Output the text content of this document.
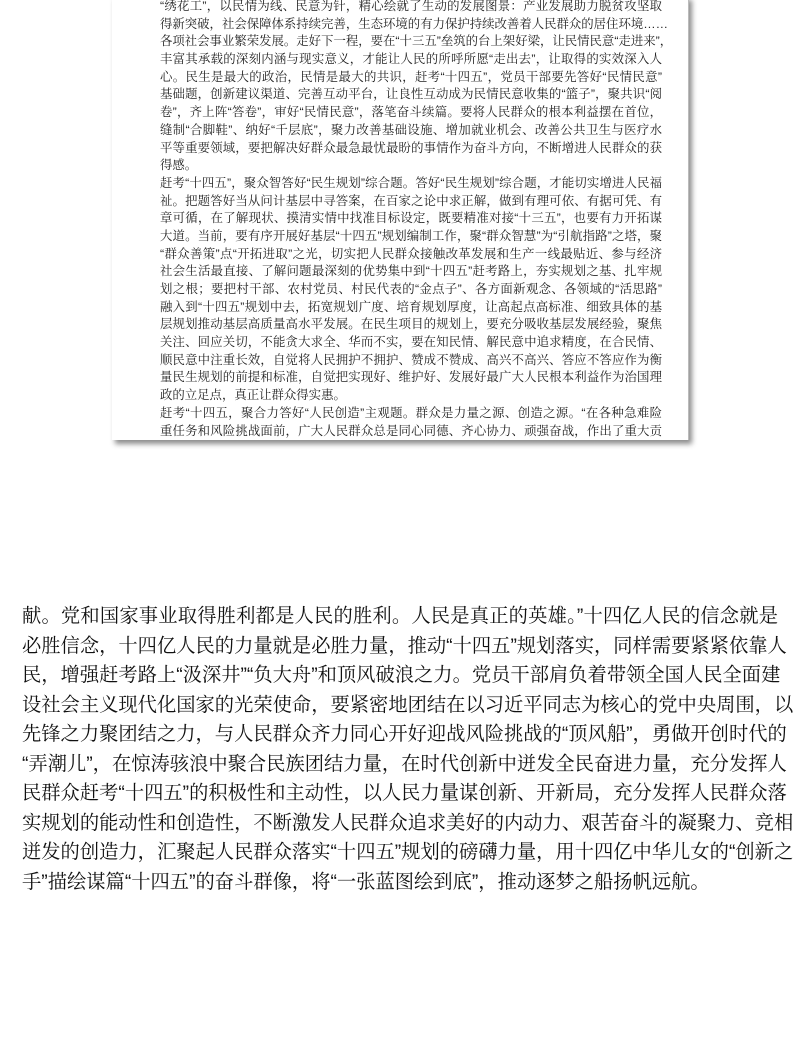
“绣花工”，以民情为线、民意为针，精心绘就了生动的发展图景：产业发展助力脱贫攻坚取
得新突破，社会保障体系持续完善，生态环境的有力保护持续改善着人民群众的居住环境……
各项社会事业繁荣发展。走好下一程，要在“十三五”垒筑的台上架好梁，让民情民意“走进来”，
丰富其承载的深刻内涵与现实意义，才能让人民的所呼所愿“走出去”，让取得的实效深入人
心。民生是最大的政治，民情是最大的共识，赶考“十四五”，党员干部要先答好“民情民意”
基础题，创新建议渠道、完善互动平台，让良性互动成为民情民意收集的“篮子”，聚共识“阅
卷”，齐上阵“答卷”，审好“民情民意”，落笔奋斗续篇。要将人民群众的根本利益摆在首位，
缝制“合脚鞋”、纳好“千层底”，聚力改善基础设施、增加就业机会、改善公共卫生与医疗水
平等重要领域，要把解决好群众最急最忧最盼的事情作为奋斗方向，不断增进人民群众的获
得感。
赶考“十四五”，聚众智答好“民生规划”综合题。答好“民生规划”综合题，才能切实增进人民福
祉。把题答好当从问计基层中寻答案，在百家之论中求正解，做到有理可依、有据可凭、有
章可循，在了解现状、摸清实情中找准目标设定，既要精准对接“十三五”，也要有力开拓谋
大道。当前，要有序开展好基层“十四五”规划编制工作，聚“群众智慧”为“引航指路”之塔，聚
“群众善策”点“开拓进取”之光，切实把人民群众接触改革发展和生产一线最贴近、参与经济
社会生活最直接、了解问题最深刻的优势集中到“十四五”赶考路上，夯实规划之基、扎牢规
划之根；要把村干部、农村党员、村民代表的“金点子”、各方面新观念、各领域的“活思路”
融入到“十四五”规划中去，拓宽规划广度、培育规划厚度，让高起点高标准、细致具体的基
层规划推动基层高质量高水平发展。在民生项目的规划上，要充分吸收基层发展经验，聚焦
关注、回应关切，不能贪大求全、华而不实，要在知民情、解民意中追求精度，在合民情、
顺民意中注重长效，自觉将人民拥护不拥护、赞成不赞成、高兴不高兴、答应不答应作为衡
量民生规划的前提和标准，自觉把实现好、维护好、发展好最广大人民根本利益作为治国理
政的立足点，真正让群众得实惠。
赶考“十四五，聚合力答好“人民创造”主观题。群众是力量之源、创造之源。“在各种急难险
重任务和风险挑战面前，广大人民群众总是同心同德、齐心协力、顽强奋战，作出了重大贡
献。党和国家事业取得胜利都是人民的胜利。人民是真正的英雄。”十四亿人民的信念就是
必胜信念，十四亿人民的力量就是必胜力量，推动“十四五”规划落实，同样需要紧紧依靠人
民，增强赶考路上“汲深井”“负大舟”和顶风破浪之力。党员干部肩负着带领全国人民全面建
设社会主义现代化国家的光荣使命，要紧密地团结在以习近平同志为核心的党中央周围，以
先锋之力聚团结之力，与人民群众齐力同心开好迎战风险挑战的“顶风船”，勇做开创时代的
“弄潮儿”，在惊涛骇浪中聚合民族团结力量，在时代创新中迸发全民奋进力量，充分发挥人
民群众赶考“十四五”的积极性和主动性，以人民力量谋创新、开新局，充分发挥人民群众落
实规划的能动性和创造性，不断激发人民群众追求美好的内动力、艰苦奋斗的凝聚力、竞相
迸发的创造力，汇聚起人民群众落实“十四五”规划的磅礴力量，用十四亿中华儿女的“创新之
手”描绘谋篇“十四五”的奋斗群像，将“一张蓝图绘到底”，推动逐梦之船扬帆远航。
